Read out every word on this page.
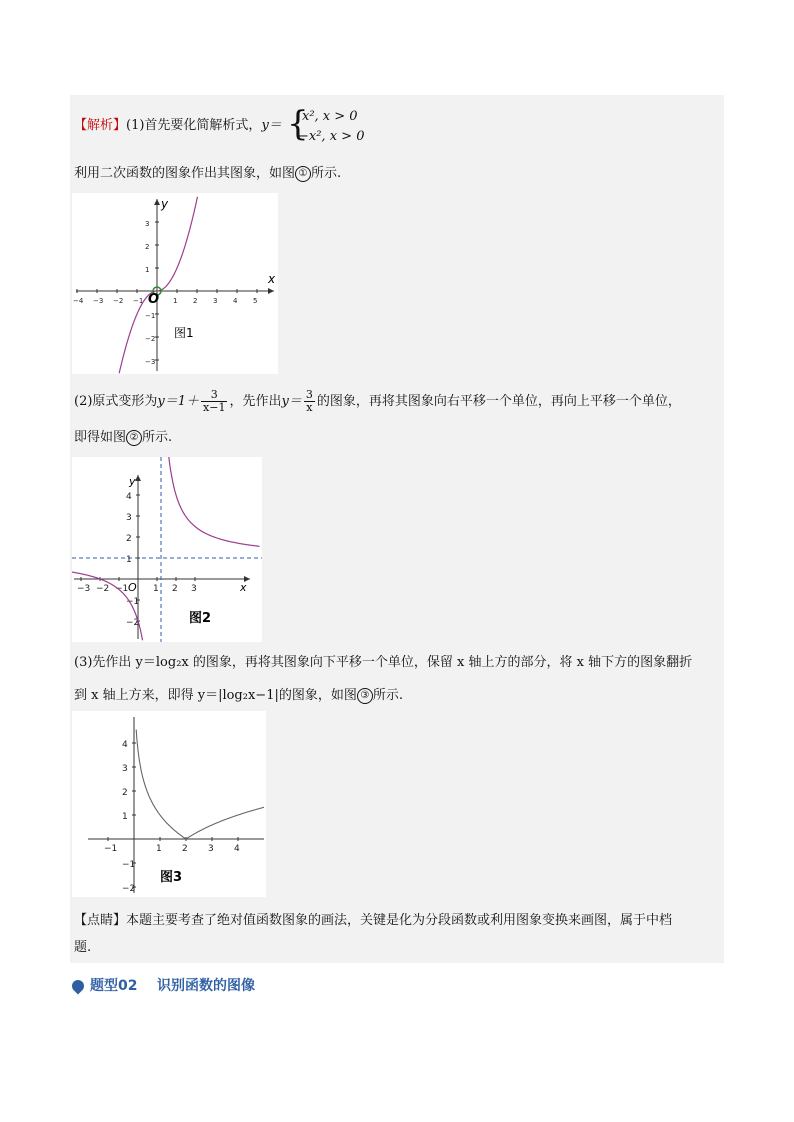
【解析】(1)首先要化简解析式，y＝ {
x², x > 0
−x², x > 0
利用二次函数的图象作出其图象，如图 ① 所示.
−4 −3 −2 −1	1 2 3 4 5
3
2
1
−1
−2
−3
x
y
O
图1
(2)原式变形为$y=1+ \frac{3}{x-1}$ ，先作出$y= \frac{3}{x}$ 的图象，再将其图象向右平移一个单位，再向上平移一个单位，
即得如图 ② 所示.
−3 −2 −1	1 2 3
4
3
2
1
−1
−2
x
y
O
图2
(3)先作出 y＝log₂x 的图象，再将其图象向下平移一个单位，保留 x 轴上方的部分，将 x 轴下方的图象翻折
到 x 轴上方来，即得 y＝|log₂x−1|的图象，如图 ③ 所示.
−1	1 2 3 4
4
3
2
1
−1
−2
图3
【点睛】本题主要考查了绝对值函数图象的画法，关键是化为分段函数或利用图象变换来画图，属于中档
题.
题型02 识别函数的图像
